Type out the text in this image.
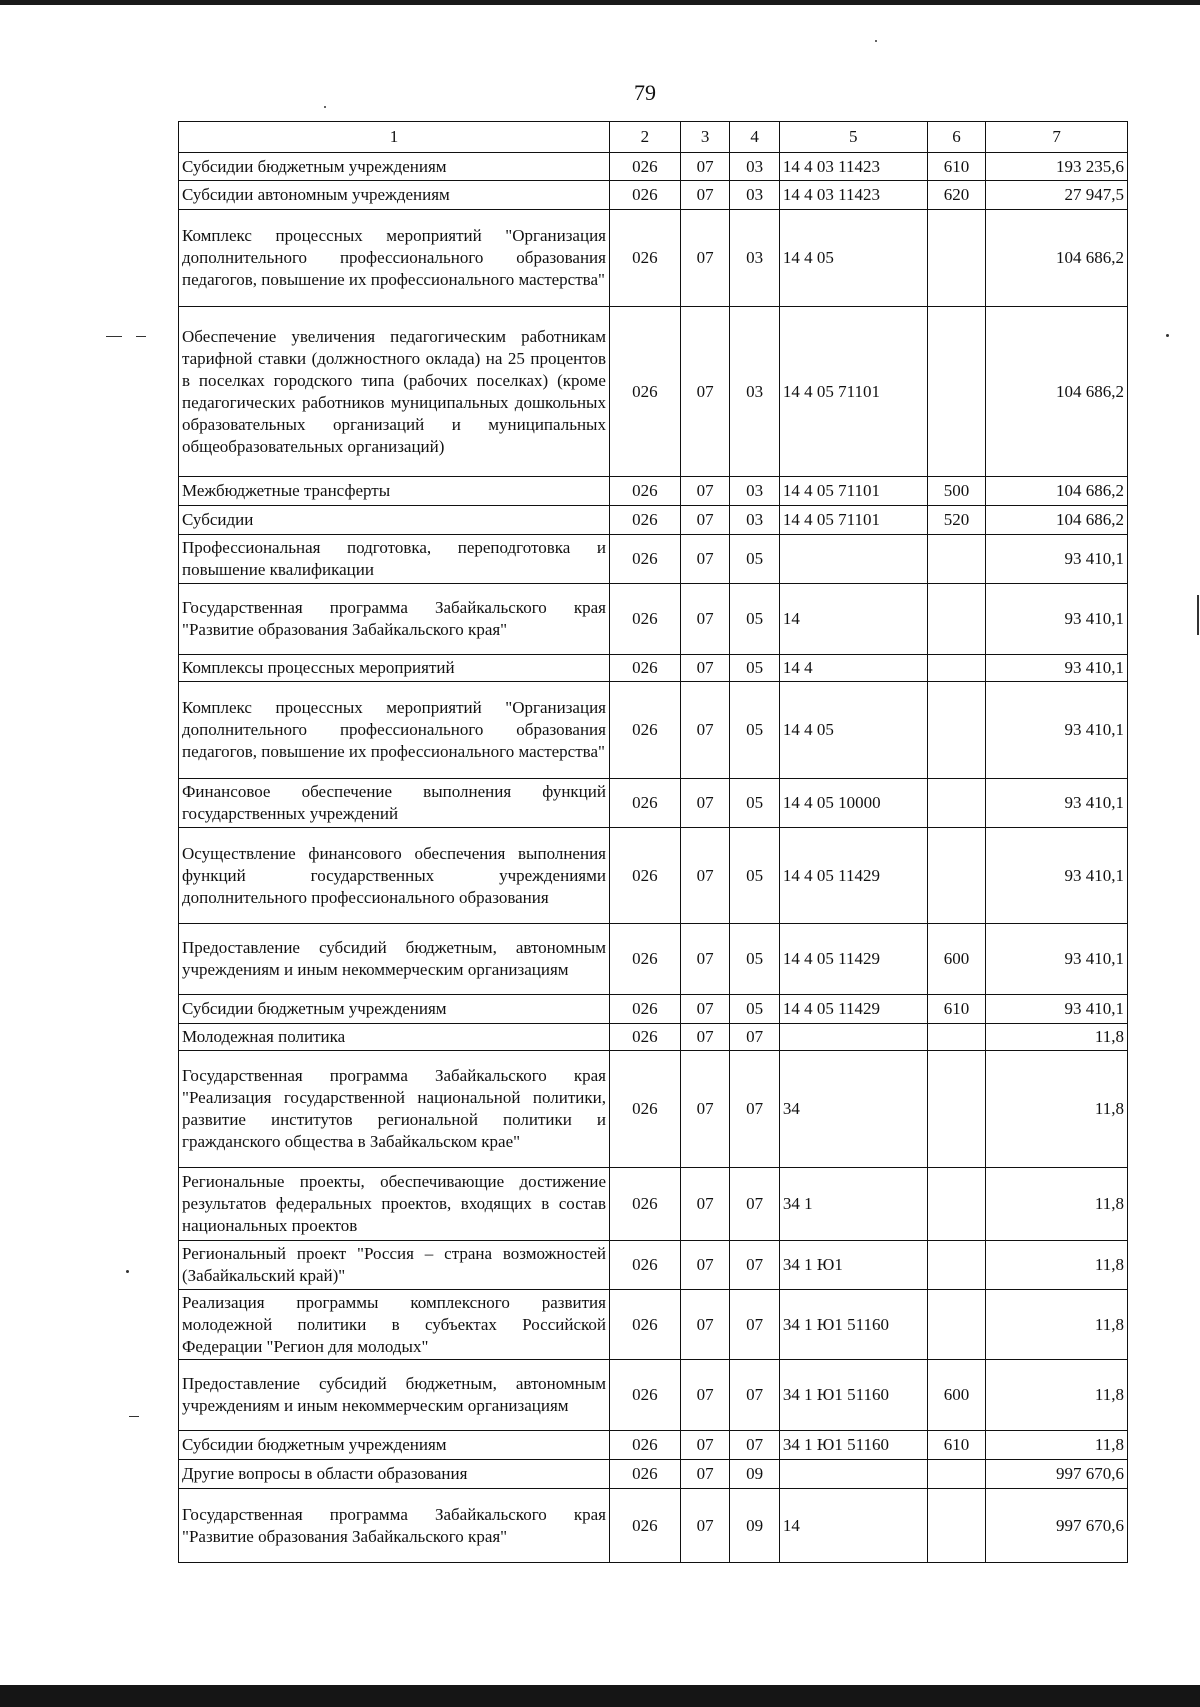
79
1	2	3	4	5	6	7
Субсидии бюджетным учреждениям	026	07	03	14 4 03 11423	610	193 235,6
Субсидии автономным учреждениям	026	07	03	14 4 03 11423	620	27 947,5
Комплекс процессных мероприятий "Организация дополнительного профессионального образования педагогов, повышение их профессионального мастерства"	026	07	03	14 4 05		104 686,2
Обеспечение увеличения педагогическим работникам тарифной ставки (должностного оклада) на 25 процентов в поселках городского типа (рабочих поселках) (кроме педагогических работников муниципальных дошкольных образовательных организаций и муниципальных общеобразовательных организаций)	026	07	03	14 4 05 71101		104 686,2
Межбюджетные трансферты	026	07	03	14 4 05 71101	500	104 686,2
Субсидии	026	07	03	14 4 05 71101	520	104 686,2
Профессиональная подготовка, переподготовка и повышение квалификации	026	07	05			93 410,1
Государственная программа Забайкальского края "Развитие образования Забайкальского края"	026	07	05	14		93 410,1
Комплексы процессных мероприятий	026	07	05	14 4		93 410,1
Комплекс процессных мероприятий "Организация дополнительного профессионального образования педагогов, повышение их профессионального мастерства"	026	07	05	14 4 05		93 410,1
Финансовое обеспечение выполнения функций государственных учреждений	026	07	05	14 4 05 10000		93 410,1
Осуществление финансового обеспечения выполнения функций государственных учреждениями дополнительного профессионального образования	026	07	05	14 4 05 11429		93 410,1
Предоставление субсидий бюджетным, автономным учреждениям и иным некоммерческим организациям	026	07	05	14 4 05 11429	600	93 410,1
Субсидии бюджетным учреждениям	026	07	05	14 4 05 11429	610	93 410,1
Молодежная политика	026	07	07			11,8
Государственная программа Забайкальского края "Реализация государственной национальной политики, развитие институтов региональной политики и гражданского общества в Забайкальском крае"	026	07	07	34		11,8
Региональные проекты, обеспечивающие достижение результатов федеральных проектов, входящих в состав национальных проектов	026	07	07	34 1		11,8
Региональный проект "Россия – страна возможностей (Забайкальский край)"	026	07	07	34 1 Ю1		11,8
Реализация программы комплексного развития молодежной политики в субъектах Российской Федерации "Регион для молодых"	026	07	07	34 1 Ю1 51160		11,8
Предоставление субсидий бюджетным, автономным учреждениям и иным некоммерческим организациям	026	07	07	34 1 Ю1 51160	600	11,8
Субсидии бюджетным учреждениям	026	07	07	34 1 Ю1 51160	610	11,8
Другие вопросы в области образования	026	07	09			997 670,6
Государственная программа Забайкальского края "Развитие образования Забайкальского края"	026	07	09	14		997 670,6
